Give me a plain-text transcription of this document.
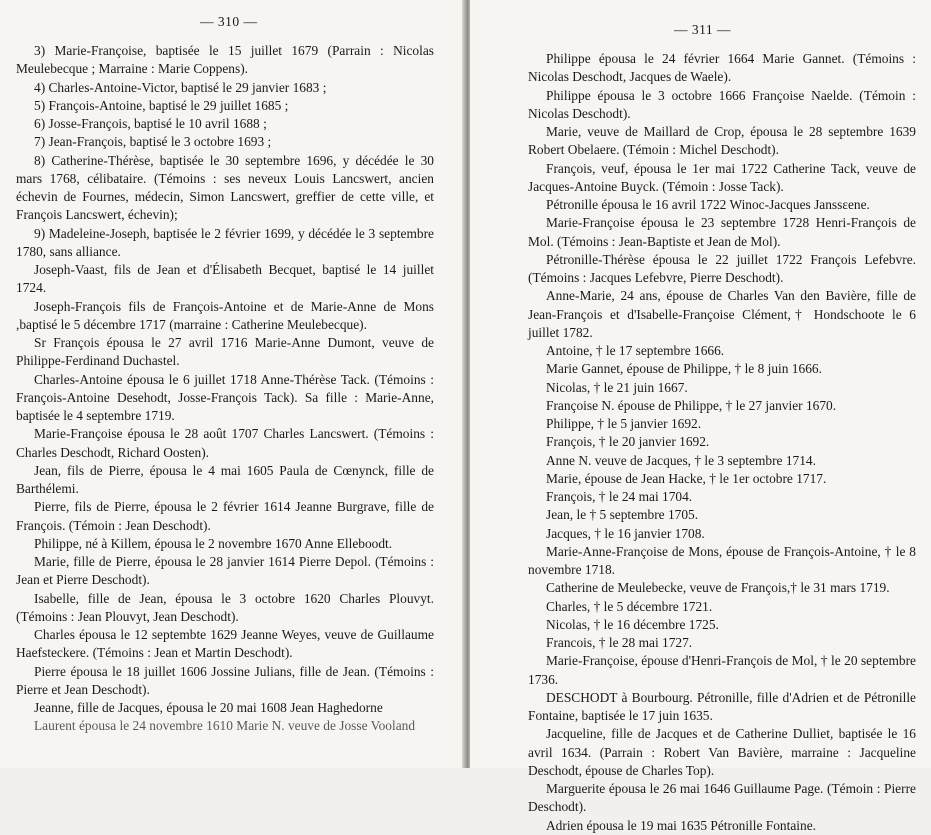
— 310 —

3) Marie-Françoise, baptisée le 15 juillet 1679 (Parrain : Nicolas Meulebecque ; Marraine : Marie Coppens).

4) Charles-Antoine-Victor, baptisé le 29 janvier 1683 ;

5) François-Antoine, baptisé le 29 juillet 1685 ;

6) Josse-François, baptisé le 10 avril 1688 ;

7) Jean-François, baptisé le 3 octobre 1693 ;

8) Catherine-Thérèse, baptisée le 30 septembre 1696, y décédée le 30 mars 1768, célibataire. (Témoins : ses neveux Louis Lancswert, ancien échevin de Fournes, médecin, Simon Lancswert, greffier de cette ville, et François Lancswert, échevin);

9) Madeleine-Joseph, baptisée le 2 février 1699, y décédée le 3 septembre 1780, sans alliance.

Joseph-Vaast, fils de Jean et d'Élisabeth Becquet, baptisé le 14 juillet 1724.

Joseph-François fils de François-Antoine et de Marie-Anne de Mons ,baptisé le 5 décembre 1717 (marraine : Catherine Meulebecque).

Sr François épousa le 27 avril 1716 Marie-Anne Dumont, veuve de Philippe-Ferdinand Duchastel.

Charles-Antoine épousa le 6 juillet 1718 Anne-Thérèse Tack. (Témoins : François-Antoine Desehodt, Josse-François Tack). Sa fille : Marie-Anne, baptisée le 4 septembre 1719.

Marie-Françoise épousa le 28 août 1707 Charles Lancswert. (Témoins : Charles Deschodt, Richard Oosten).

Jean, fils de Pierre, épousa le 4 mai 1605 Paula de Cœnynck, fille de Barthélemi.

Pierre, fils de Pierre, épousa le 2 février 1614 Jeanne Burgrave, fille de François. (Témoin : Jean Deschodt).

Philippe, né à Killem, épousa le 2 novembre 1670 Anne Elleboodt.

Marie, fille de Pierre, épousa le 28 janvier 1614 Pierre Depol. (Témoins : Jean et Pierre Deschodt).

Isabelle, fille de Jean, épousa le 3 octobre 1620 Charles Plouvyt. (Témoins : Jean Plouvyt, Jean Deschodt).

Charles épousa le 12 septembte 1629 Jeanne Weyes, veuve de Guillaume Haefsteckere. (Témoins : Jean et Martin Deschodt).

Pierre épousa le 18 juillet 1606 Jossine Julians, fille de Jean. (Témoins : Pierre et Jean Deschodt).

Jeanne, fille de Jacques, épousa le 20 mai 1608 Jean Haghedorne

Laurent épousa le 24 novembre 1610 Marie N. veuve de Josse Vooland

— 311 —

Philippe épousa le 24 février 1664 Marie Gannet. (Témoins : Nicolas Deschodt, Jacques de Waele).

Philippe épousa le 3 octobre 1666 Françoise Naelde. (Témoin : Nicolas Deschodt).

Marie, veuve de Maillard de Crop, épousa le 28 septembre 1639 Robert Obelaere. (Témoin : Michel Deschodt).

François, veuf, épousa le 1er mai 1722 Catherine Tack, veuve de Jacques-Antoine Buyck. (Témoin : Josse Tack).

Pétronille épousa le 16 avril 1722 Winoc-Jacques Janssεene.

Marie-Françoise épousa le 23 septembre 1728 Henri-François de Mol. (Témoins : Jean-Baptiste et Jean de Mol).

Pétronille-Thérèse épousa le 22 juillet 1722 François Lefebvre. (Témoins : Jacques Lefebvre, Pierre Deschodt).

Anne-Marie, 24 ans, épouse de Charles Van den Bavière, fille de Jean-François et d'Isabelle-Françoise Clément,† Hondschoote le 6 juillet 1782.

Antoine, † le 17 septembre 1666.

Marie Gannet, épouse de Philippe, † le 8 juin 1666.

Nicolas, † le 21 juin 1667.

Françoise N. épouse de Philippe, † le 27 janvier 1670.

Philippe, † le 5 janvier 1692.

François, † le 20 janvier 1692.

Anne N. veuve de Jacques, † le 3 septembre 1714.

Marie, épouse de Jean Hacke, † le 1er octobre 1717.

François, † le 24 mai 1704.

Jean, le † 5 septembre 1705.

Jacques, † le 16 janvier 1708.

Marie-Anne-Françoise de Mons, épouse de François-Antoine, † le 8 novembre 1718.

Catherine de Meulebecke, veuve de François,† le 31 mars 1719.

Charles, † le 5 décembre 1721.

Nicolas, † le 16 décembre 1725.

Francois, † le 28 mai 1727.

Marie-Françoise, épouse d'Henri-François de Mol, † le 20 septembre 1736.

DESCHODT à Bourbourg. Pétronille, fille d'Adrien et de Pétronille Fontaine, baptisée le 17 juin 1635.

Jacqueline, fille de Jacques et de Catherine Dulliet, baptisée le 16 avril 1634. (Parrain : Robert Van Bavière, marraine : Jacqueline Deschodt, épouse de Charles Top).

Marguerite épousa le 26 mai 1646 Guillaume Page. (Témoin : Pierre Deschodt).

Adrien épousa le 19 mai 1635 Pétronille Fontaine.
